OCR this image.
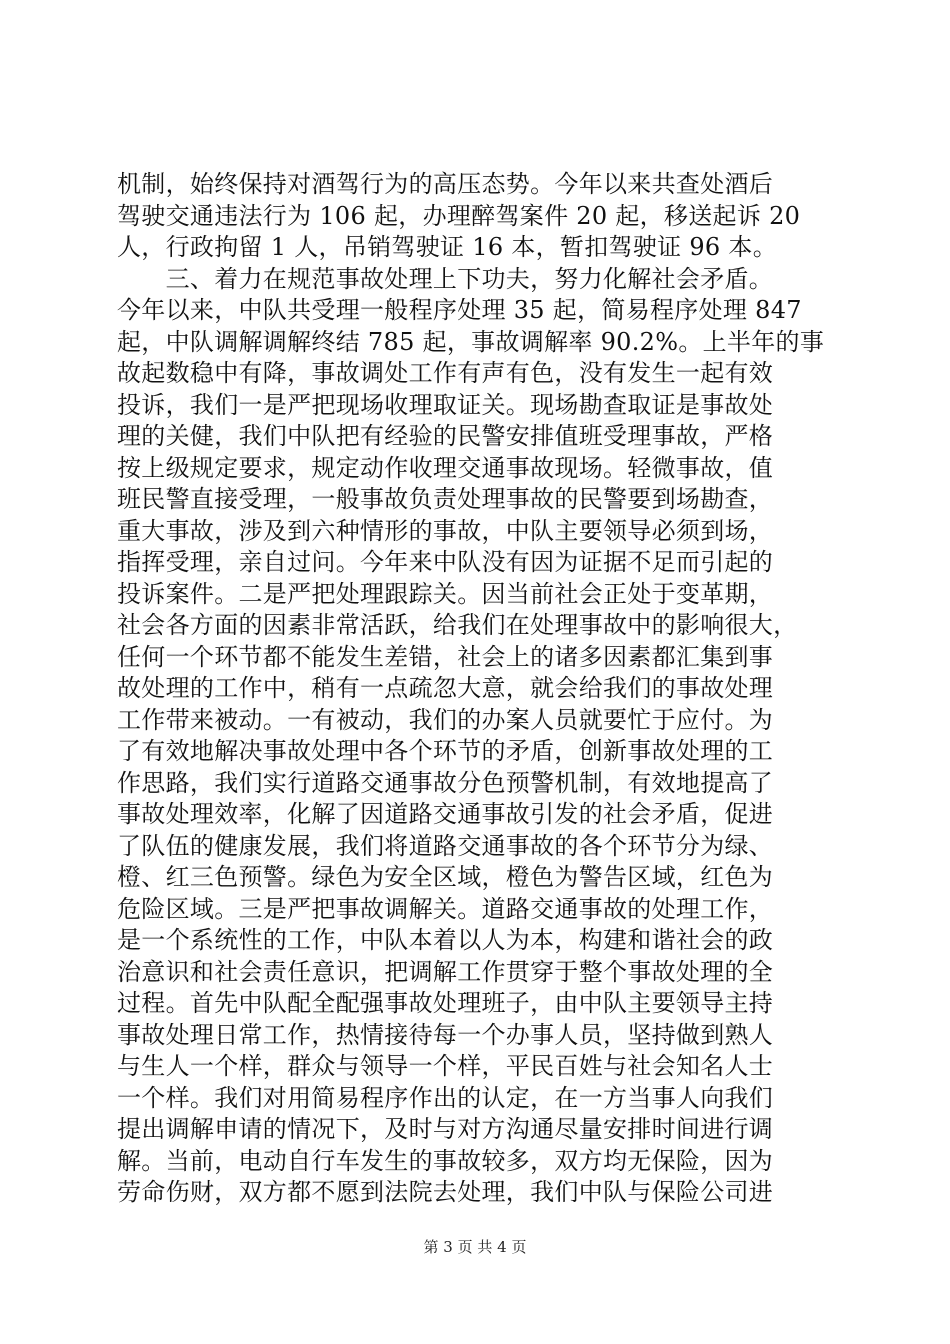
机制，始终保持对酒驾行为的高压态势。今年以来共查处酒后
驾驶交通违法行为 106 起，办理醉驾案件 20 起，移送起诉 20
人，行政拘留 1 人，吊销驾驶证 16 本，暂扣驾驶证 96 本。
　　三、着力在规范事故处理上下功夫，努力化解社会矛盾。
今年以来，中队共受理一般程序处理 35 起，简易程序处理 847
起，中队调解调解终结 785 起，事故调解率 90.2%。上半年的事
故起数稳中有降，事故调处工作有声有色，没有发生一起有效
投诉，我们一是严把现场收理取证关。现场勘查取证是事故处
理的关健，我们中队把有经验的民警安排值班受理事故，严格
按上级规定要求，规定动作收理交通事故现场。轻微事故，值
班民警直接受理，一般事故负责处理事故的民警要到场勘查，
重大事故，涉及到六种情形的事故，中队主要领导必须到场，
指挥受理，亲自过问。今年来中队没有因为证据不足而引起的
投诉案件。二是严把处理跟踪关。因当前社会正处于变革期，
社会各方面的因素非常活跃，给我们在处理事故中的影响很大，
任何一个环节都不能发生差错，社会上的诸多因素都汇集到事
故处理的工作中，稍有一点疏忽大意，就会给我们的事故处理
工作带来被动。一有被动，我们的办案人员就要忙于应付。为
了有效地解决事故处理中各个环节的矛盾，创新事故处理的工
作思路，我们实行道路交通事故分色预警机制，有效地提高了
事故处理效率，化解了因道路交通事故引发的社会矛盾，促进
了队伍的健康发展，我们将道路交通事故的各个环节分为绿、
橙、红三色预警。绿色为安全区域，橙色为警告区域，红色为
危险区域。三是严把事故调解关。道路交通事故的处理工作，
是一个系统性的工作，中队本着以人为本，构建和谐社会的政
治意识和社会责任意识，把调解工作贯穿于整个事故处理的全
过程。首先中队配全配强事故处理班子，由中队主要领导主持
事故处理日常工作，热情接待每一个办事人员，坚持做到熟人
与生人一个样，群众与领导一个样，平民百姓与社会知名人士
一个样。我们对用简易程序作出的认定，在一方当事人向我们
提出调解申请的情况下，及时与对方沟通尽量安排时间进行调
解。当前，电动自行车发生的事故较多，双方均无保险，因为
劳命伤财，双方都不愿到法院去处理，我们中队与保险公司进
第 3 页 共 4 页
